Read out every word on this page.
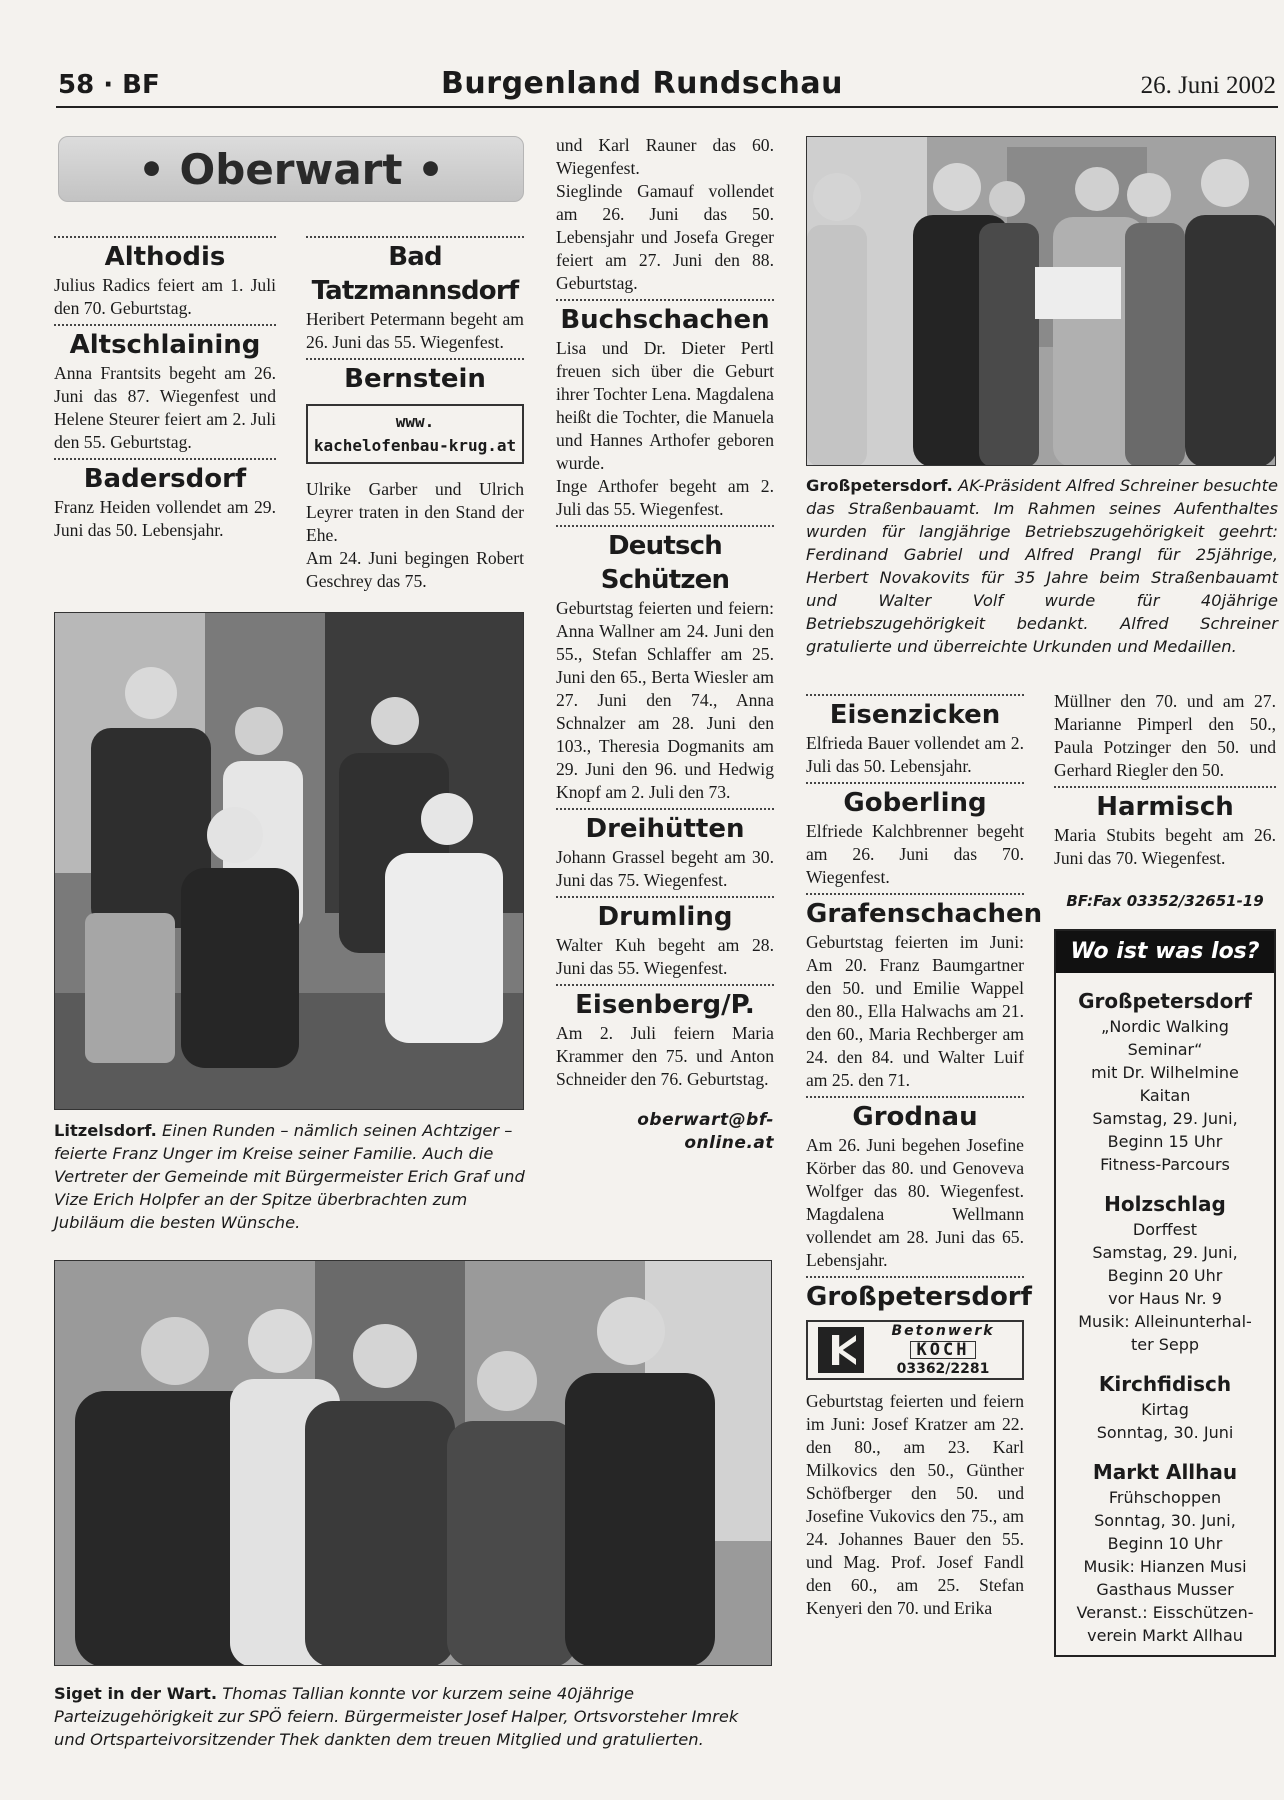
58 · BF	Burgenland Rundschau	26. Juni 2002
• Oberwart •
Althodis

Julius Radics feiert am 1. Juli den 70. Geburtstag.

Altschlaining

Anna Frantsits begeht am 26. Juni das 87. Wiegenfest und Helene Steurer feiert am 2. Juli den 55. Geburtstag.

Badersdorf

Franz Heiden vollendet am 29. Juni das 50. Lebensjahr.

Bad Tatzmannsdorf

Heribert Petermann begeht am 26. Juni das 55. Wiegenfest.

Bernstein
www.
kachelofenbau-krug.at

Ulrike Garber und Ulrich Leyrer traten in den Stand der Ehe.

Am 24. Juni begingen Robert Geschrey das 75.

Litzelsdorf. Einen Runden – nämlich seinen Achtziger – feierte Franz Unger im Kreise seiner Familie. Auch die Vertreter der Gemeinde mit Bürgermeister Erich Graf und Vize Erich Holpfer an der Spitze überbrachten zum Jubiläum die besten Wünsche.

und Karl Rauner das 60. Wiegenfest.

Sieglinde Gamauf vollendet am 26. Juni das 50. Lebensjahr und Josefa Greger feiert am 27. Juni den 88. Geburtstag.

Buchschachen

Lisa und Dr. Dieter Pertl freuen sich über die Geburt ihrer Tochter Lena. Magdalena heißt die Tochter, die Manuela und Hannes Arthofer geboren wurde.

Inge Arthofer begeht am 2. Juli das 55. Wiegenfest.

Deutsch Schützen

Geburtstag feierten und feiern: Anna Wallner am 24. Juni den 55., Stefan Schlaffer am 25. Juni den 65., Berta Wiesler am 27. Juni den 74., Anna Schnalzer am 28. Juni den 103., Theresia Dogmanits am 29. Juni den 96. und Hedwig Knopf am 2. Juli den 73.

Dreihütten

Johann Grassel begeht am 30. Juni das 75. Wiegenfest.

Drumling

Walter Kuh begeht am 28. Juni das 55. Wiegenfest.

Eisenberg/P.

Am 2. Juli feiern Maria Krammer den 75. und Anton Schneider den 76. Geburtstag.

oberwart@bf-online.at
Siget in der Wart. Thomas Tallian konnte vor kurzem seine 40jährige Parteizugehörigkeit zur SPÖ feiern. Bürgermeister Josef Halper, Ortsvorsteher Imrek und Ortsparteivorsitzender Thek dankten dem treuen Mitglied und gratulierten.
Großpetersdorf. AK-Präsident Alfred Schreiner besuchte das Straßenbauamt. Im Rahmen seines Aufenthaltes wurden für langjährige Betriebszugehörigkeit geehrt: Ferdinand Gabriel und Alfred Prangl für 25jährige, Herbert Novakovits für 35 Jahre beim Straßenbauamt und Walter Volf wurde für 40jährige Betriebszugehörigkeit bedankt. Alfred Schreiner gratulierte und überreichte Urkunden und Medaillen.
Eisenzicken

Elfrieda Bauer vollendet am 2. Juli das 50. Lebensjahr.

Goberling

Elfriede Kalchbrenner begeht am 26. Juni das 70. Wiegenfest.

Grafenschachen

Geburtstag feierten im Juni: Am 20. Franz Baumgartner den 50. und Emilie Wappel den 80., Ella Halwachs am 21. den 60., Maria Rechberger am 24. den 84. und Walter Luif am 25. den 71.

Grodnau

Am 26. Juni begehen Josefine Körber das 80. und Genoveva Wolfger das 80. Wiegenfest. Magdalena Wellmann vollendet am 28. Juni das 65. Lebensjahr.

Großpetersdorf
Betonwerk
KOCH
03362/2281

Geburtstag feierten und feiern im Juni: Josef Kratzer am 22. den 80., am 23. Karl Milkovics den 50., Günther Schöfberger den 50. und Josefine Vukovics den 75., am 24. Johannes Bauer den 55. und Mag. Prof. Josef Fandl den 60., am 25. Stefan Kenyeri den 70. und Erika

Müllner den 70. und am 27. Marianne Pimperl den 50., Paula Potzinger den 50. und Gerhard Riegler den 50.

Harmisch

Maria Stubits begeht am 26. Juni das 70. Wiegenfest.

BF:Fax 03352/32651-19
Wo ist was los?
Großpetersdorf
„Nordic Walking
Seminar“
mit Dr. Wilhelmine
Kaitan
Samstag, 29. Juni,
Beginn 15 Uhr
Fitness-Parcours
Holzschlag
Dorffest
Samstag, 29. Juni,
Beginn 20 Uhr
vor Haus Nr. 9
Musik: Alleinunterhal-
ter Sepp
Kirchfidisch
Kirtag
Sonntag, 30. Juni
Markt Allhau
Frühschoppen
Sonntag, 30. Juni,
Beginn 10 Uhr
Musik: Hianzen Musi
Gasthaus Musser
Veranst.: Eisschützen-
verein Markt Allhau
